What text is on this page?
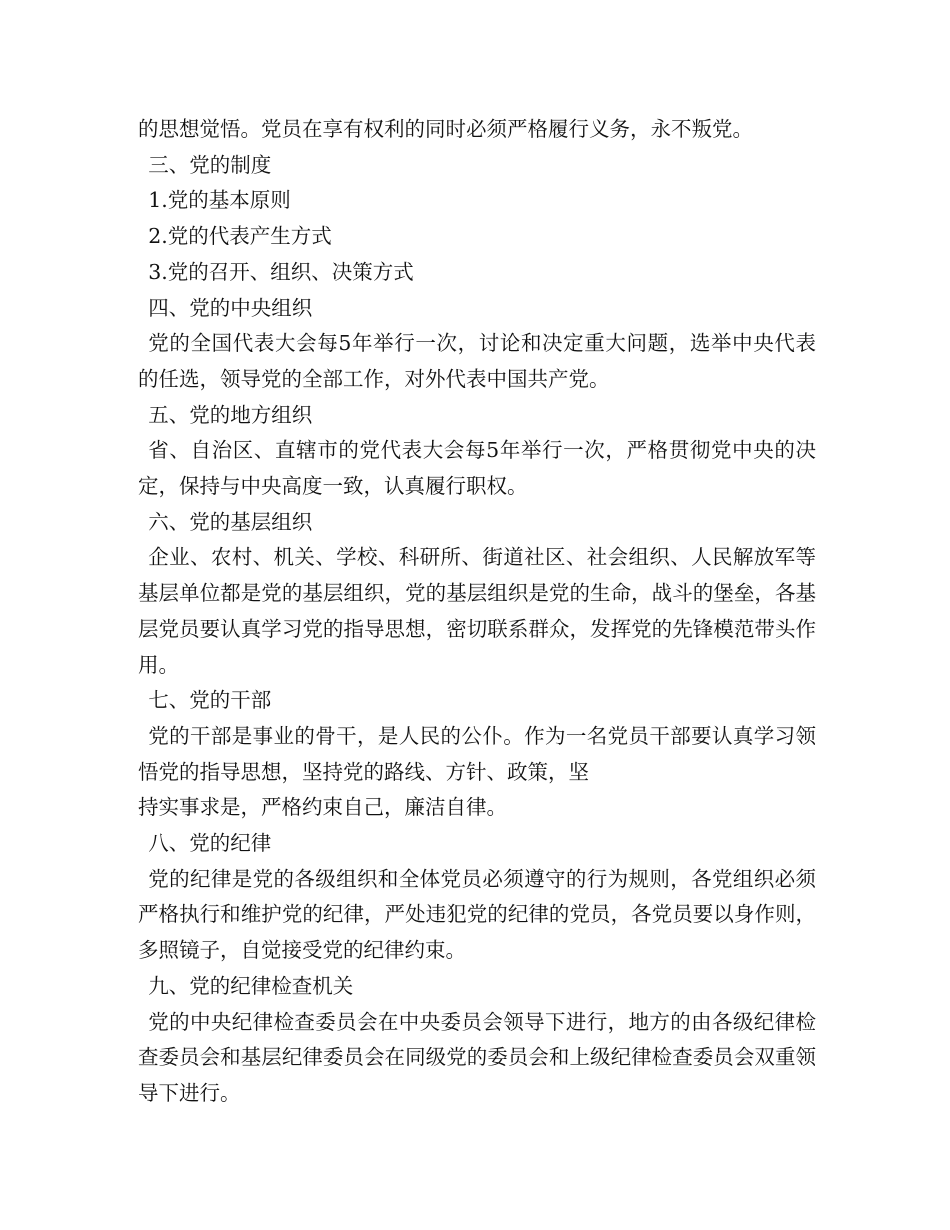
的思想觉悟。党员在享有权利的同时必须严格履行义务，永不叛党。

三、党的制度

1.党的基本原则

2.党的代表产生方式

3.党的召开、组织、决策方式

四、党的中央组织

党的全国代表大会每5年举行一次，讨论和决定重大问题，选举中央代表的任选，领导党的全部工作，对外代表中国共产党。

五、党的地方组织

省、自治区、直辖市的党代表大会每5年举行一次，严格贯彻党中央的决定，保持与中央高度一致，认真履行职权。

六、党的基层组织

企业、农村、机关、学校、科研所、街道社区、社会组织、人民解放军等基层单位都是党的基层组织，党的基层组织是党的生命，战斗的堡垒，各基层党员要认真学习党的指导思想，密切联系群众，发挥党的先锋模范带头作用。

七、党的干部

党的干部是事业的骨干，是人民的公仆。作为一名党员干部要认真学习领悟党的指导思想，坚持党的路线、方针、政策，坚

持实事求是，严格约束自己，廉洁自律。

八、党的纪律

党的纪律是党的各级组织和全体党员必须遵守的行为规则，各党组织必须严格执行和维护党的纪律，严处违犯党的纪律的党员，各党员要以身作则，多照镜子，自觉接受党的纪律约束。

九、党的纪律检查机关

党的中央纪律检查委员会在中央委员会领导下进行，地方的由各级纪律检查委员会和基层纪律委员会在同级党的委员会和上级纪律检查委员会双重领导下进行。
